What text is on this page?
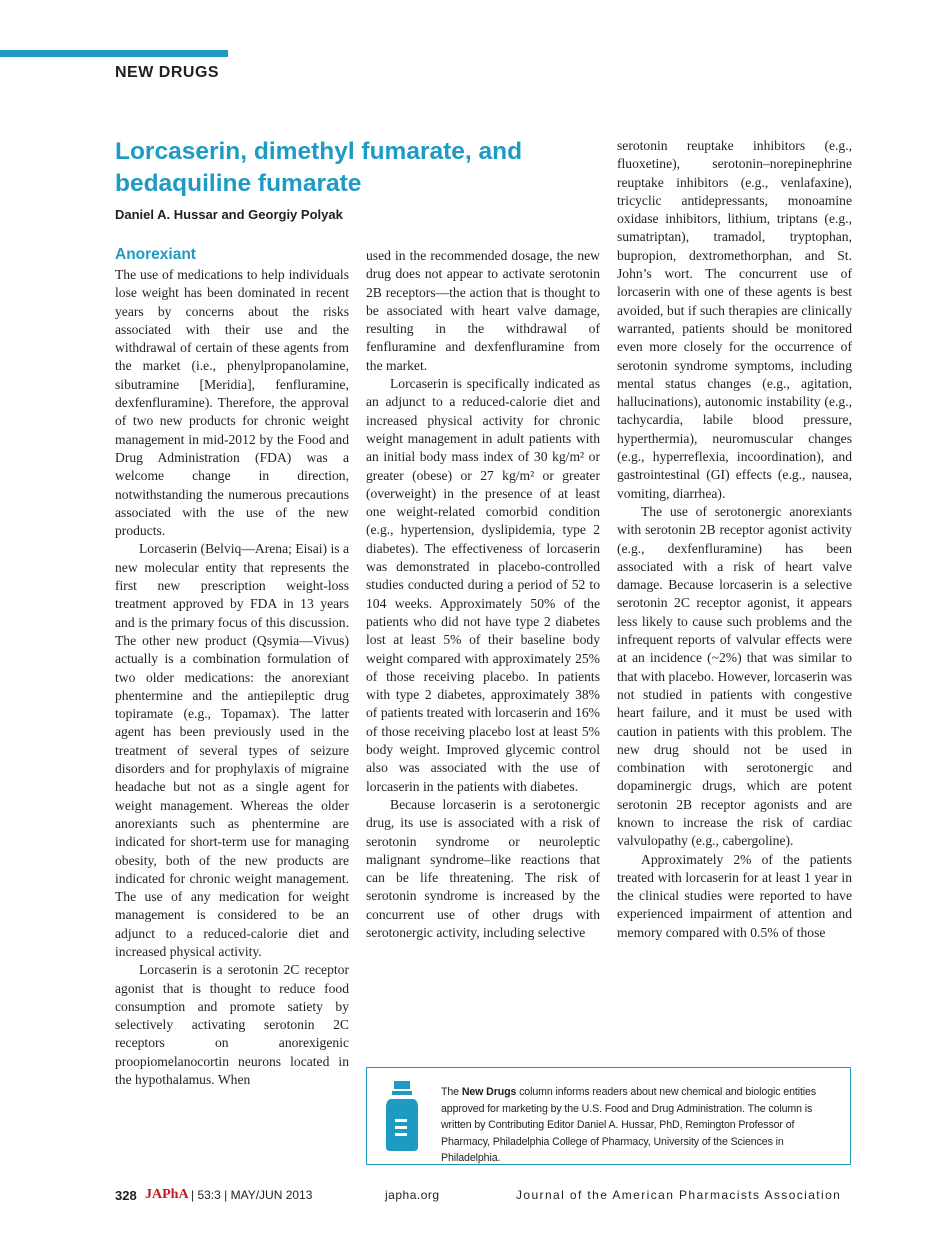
NEW DRUGS
Lorcaserin, dimethyl fumarate, and bedaquiline fumarate
Daniel A. Hussar and Georgiy Polyak
Anorexiant

The use of medications to help individuals lose weight has been dominated in recent years by concerns about the risks associated with their use and the withdrawal of certain of these agents from the market (i.e., phenylpropanolamine, sibutramine [Meridia], fenfluramine, dexfenfluramine). Therefore, the approval of two new products for chronic weight management in mid-2012 by the Food and Drug Administration (FDA) was a welcome change in direction, notwithstanding the numerous precautions associated with the use of the new products.

Lorcaserin (Belviq—Arena; Eisai) is a new molecular entity that represents the first new prescription weight-loss treatment approved by FDA in 13 years and is the primary focus of this discussion. The other new product (Qsymia—Vivus) actually is a combination formulation of two older medications: the anorexiant phentermine and the antiepileptic drug topiramate (e.g., Topamax). The latter agent has been previously used in the treatment of several types of seizure disorders and for prophylaxis of migraine headache but not as a single agent for weight management. Whereas the older anorexiants such as phentermine are indicated for short-term use for managing obesity, both of the new products are indicated for chronic weight management. The use of any medication for weight management is considered to be an adjunct to a reduced-calorie diet and increased physical activity.

Lorcaserin is a serotonin 2C receptor agonist that is thought to reduce food consumption and promote satiety by selectively activating serotonin 2C receptors on anorexigenic proopiomelanocortin neurons located in the hypothalamus. When

used in the recommended dosage, the new drug does not appear to activate serotonin 2B receptors—the action that is thought to be associated with heart valve damage, resulting in the withdrawal of fenfluramine and dexfenfluramine from the market.

Lorcaserin is specifically indicated as an adjunct to a reduced-calorie diet and increased physical activity for chronic weight management in adult patients with an initial body mass index of 30 kg/m² or greater (obese) or 27 kg/m² or greater (overweight) in the presence of at least one weight-related comorbid condition (e.g., hypertension, dyslipidemia, type 2 diabetes). The effectiveness of lorcaserin was demonstrated in placebo-controlled studies conducted during a period of 52 to 104 weeks. Approximately 50% of the patients who did not have type 2 diabetes lost at least 5% of their baseline body weight compared with approximately 25% of those receiving placebo. In patients with type 2 diabetes, approximately 38% of patients treated with lorcaserin and 16% of those receiving placebo lost at least 5% body weight. Improved glycemic control also was associated with the use of lorcaserin in the patients with diabetes.

Because lorcaserin is a serotonergic drug, its use is associated with a risk of serotonin syndrome or neuroleptic malignant syndrome–like reactions that can be life threatening. The risk of serotonin syndrome is increased by the concurrent use of other drugs with serotonergic activity, including selective

serotonin reuptake inhibitors (e.g., fluoxetine), serotonin–norepinephrine reuptake inhibitors (e.g., venlafaxine), tricyclic antidepressants, monoamine oxidase inhibitors, lithium, triptans (e.g., sumatriptan), tramadol, tryptophan, bupropion, dextromethorphan, and St. John’s wort. The concurrent use of lorcaserin with one of these agents is best avoided, but if such therapies are clinically warranted, patients should be monitored even more closely for the occurrence of serotonin syndrome symptoms, including mental status changes (e.g., agitation, hallucinations), autonomic instability (e.g., tachycardia, labile blood pressure, hyperthermia), neuromuscular changes (e.g., hyperreflexia, incoordination), and gastrointestinal (GI) effects (e.g., nausea, vomiting, diarrhea).

The use of serotonergic anorexiants with serotonin 2B receptor agonist activity (e.g., dexfenfluramine) has been associated with a risk of heart valve damage. Because lorcaserin is a selective serotonin 2C receptor agonist, it appears less likely to cause such problems and the infrequent reports of valvular effects were at an incidence (~2%) that was similar to that with placebo. However, lorcaserin was not studied in patients with congestive heart failure, and it must be used with caution in patients with this problem. The new drug should not be used in combination with serotonergic and dopaminergic drugs, which are potent serotonin 2B receptor agonists and are known to increase the risk of cardiac valvulopathy (e.g., cabergoline).

Approximately 2% of the patients treated with lorcaserin for at least 1 year in the clinical studies were reported to have experienced impairment of attention and memory compared with 0.5% of those

The New Drugs column informs readers about new chemical and biologic entities approved for marketing by the U.S. Food and Drug Administration. The column is written by Contributing Editor Daniel A. Hussar, PhD, Remington Professor of Pharmacy, Philadelphia College of Pharmacy, University of the Sciences in Philadelphia.
328 JAPhA | 53:3 | MAY/JUN 2013	japha.org	Journal of the American Pharmacists Association
